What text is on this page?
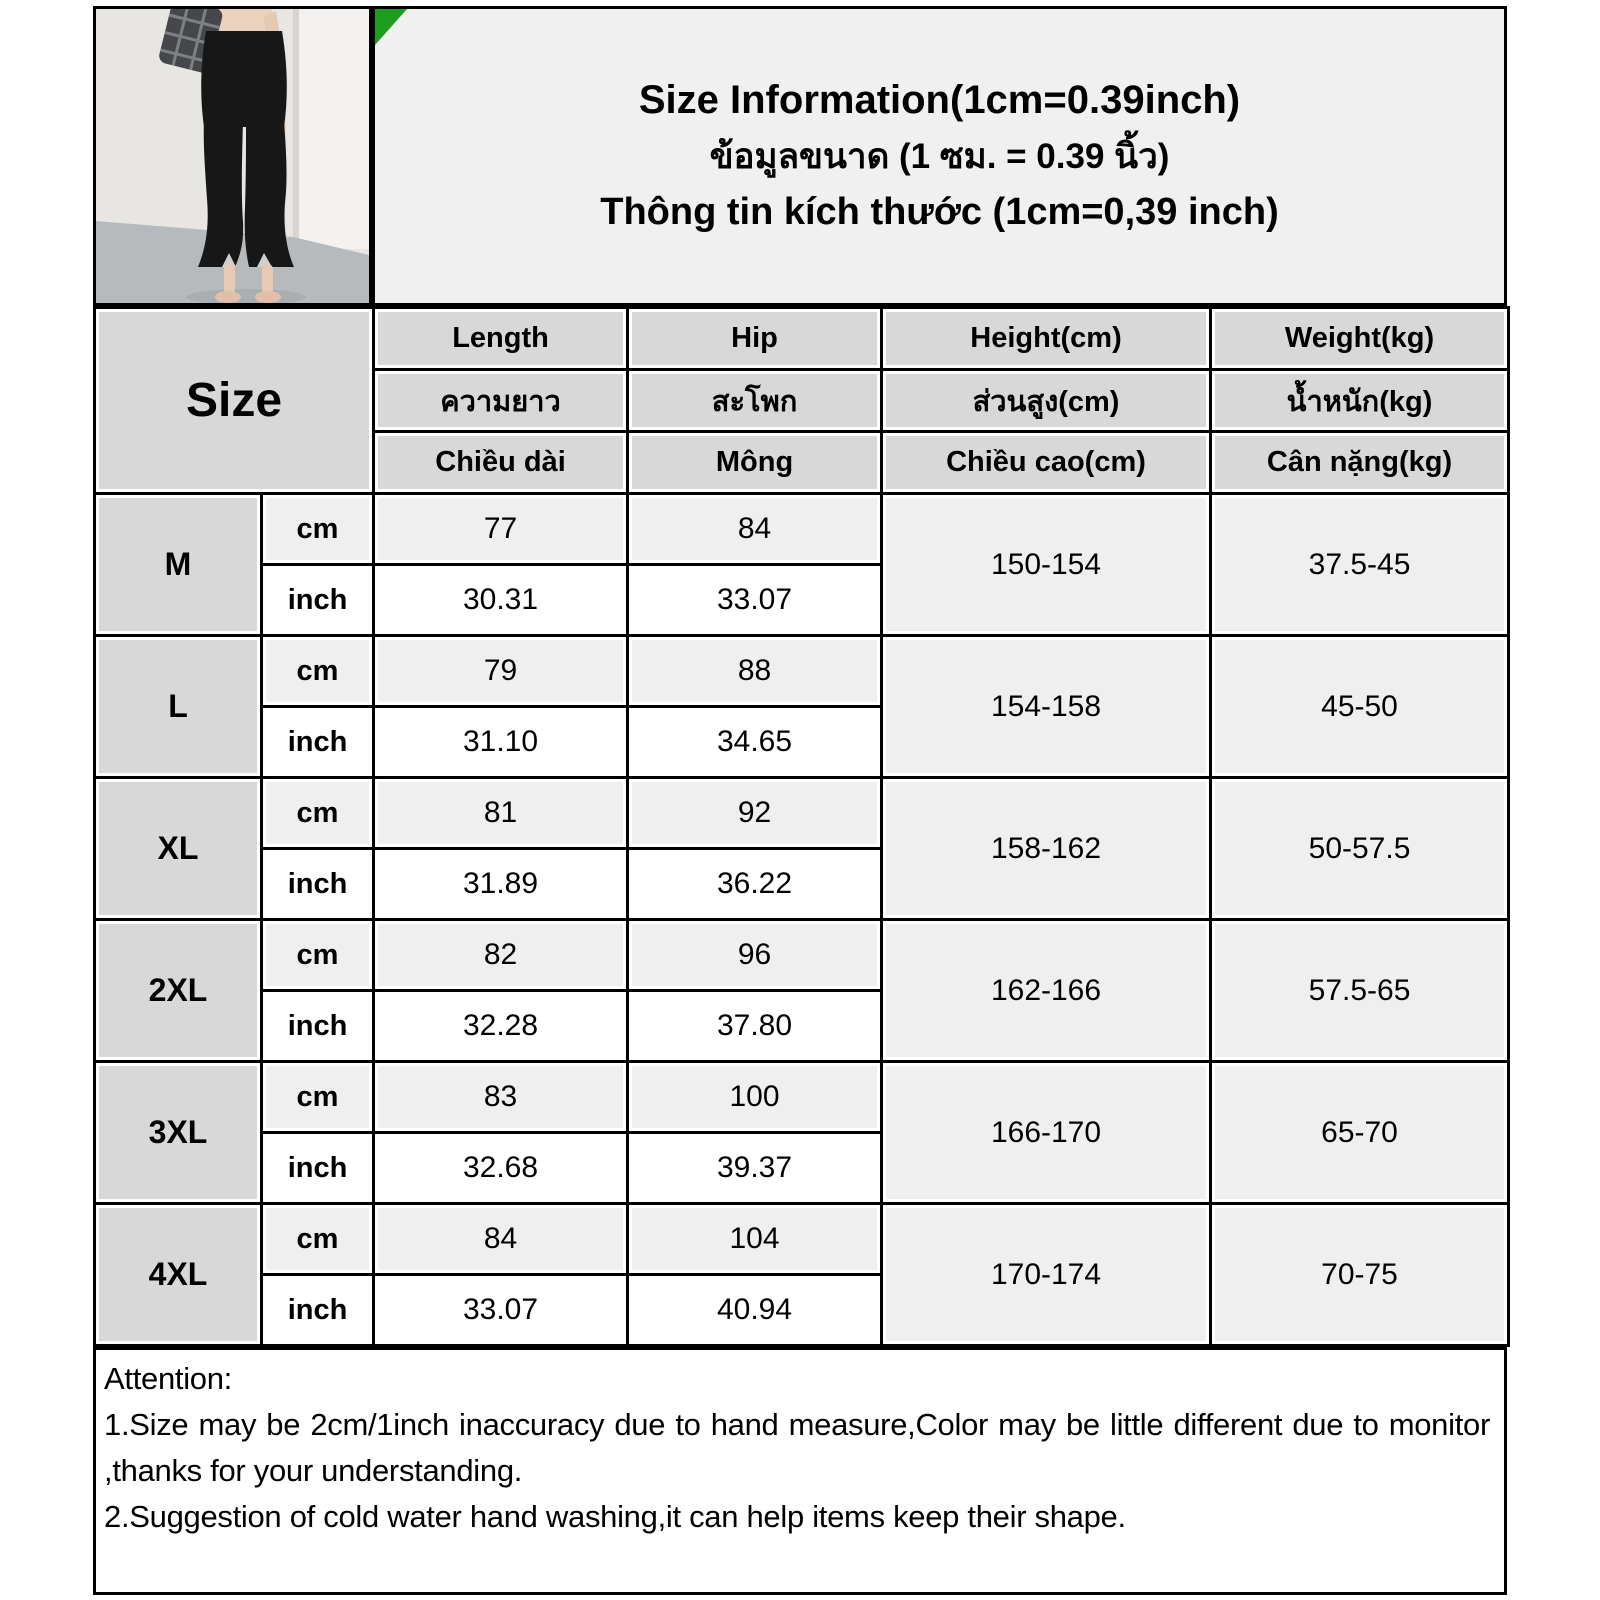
Size Information(1cm=0.39inch)
ข้อมูลขนาด (1 ซม. = 0.39 นิ้ว)
Thông tin kích thước (1cm=0,39 inch)
Size		Length	Hip	Height(cm)	Weight(kg)
		ความยาว	สะโพก	ส่วนสูง(cm)	น้ำหนัก(kg)
		Chiều dài	Mông	Chiều cao(cm)	Cân nặng(kg)
M	cm	77	84	150-154	37.5-45
	inch	30.31	33.07		
L	cm	79	88	154-158	45-50
	inch	31.10	34.65		
XL	cm	81	92	158-162	50-57.5
	inch	31.89	36.22		
2XL	cm	82	96	162-166	57.5-65
	inch	32.28	37.80		
3XL	cm	83	100	166-170	65-70
	inch	32.68	39.37		
4XL	cm	84	104	170-174	70-75
	inch	33.07	40.94		
Attention:
1.Size may be 2cm/1inch inaccuracy due to hand measure,Color may be little different due to monitor ,thanks for your understanding.
2.Suggestion of cold water hand washing,it can help items keep their shape.
